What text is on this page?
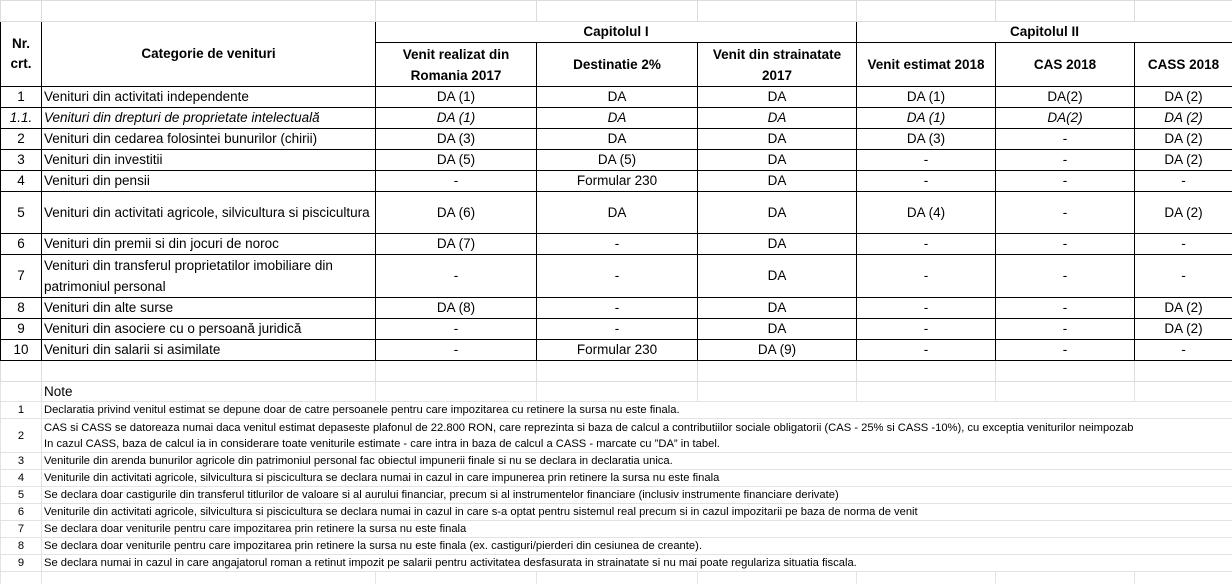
Nr. crt.	Categorie de venituri	Capitolul I			Capitolul II		
		Venit realizat din Romania 2017	Destinatie 2%	Venit din strainatate 2017	Venit estimat 2018	CAS 2018	CASS 2018
1	Venituri din activitati independente	DA (1)	DA	DA	DA (1)	DA(2)	DA (2)
1.1.	Venituri din drepturi de proprietate intelectuală	DA (1)	DA	DA	DA (1)	DA(2)	DA (2)
2	Venituri din cedarea folosintei bunurilor (chirii)	DA (3)	DA	DA	DA (3)	-	DA (2)
3	Venituri din investitii	DA (5)	DA (5)	DA	-	-	DA (2)
4	Venituri din pensii	-	Formular 230	DA	-	-	-
5	Venituri din activitati agricole, silvicultura si piscicultura	DA (6)	DA	DA	DA (4)	-	DA (2)
6	Venituri din premii si din jocuri de noroc	DA (7)	-	DA	-	-	-
7	Venituri din transferul proprietatilor imobiliare din patrimoniul personal	-	-	DA	-	-	-
8	Venituri din alte surse	DA (8)	-	DA	-	-	DA (2)
9	Venituri din asociere cu o persoană juridică	-	-	DA	-	-	DA (2)
10	Venituri din salarii si asimilate	-	Formular 230	DA (9)	-	-	-

	Note						
1	Declaratia privind venitul estimat se depune doar de catre persoanele pentru care impozitarea cu retinere la sursa nu este finala.						

2	CAS si CASS se datoreaza numai daca venitul estimat depaseste plafonul de 22.800 RON, care reprezinta si baza de calcul a contributiilor sociale obligatorii (CAS - 25% si CASS -10%), cu exceptia veniturilor neimpozab
In cazul CASS, baza de calcul ia in considerare toate veniturile estimate - care intra in baza de calcul a CASS - marcate cu ”DA” in tabel.						

3	Veniturile din arenda bunurilor agricole din patrimoniul personal fac obiectul impunerii finale si nu se declara in declaratia unica.						

4	Veniturile din activitati agricole, silvicultura si piscicultura se declara numai in cazul in care impunerea prin retinere la sursa nu este finala						

5	Se declara doar castigurile din transferul titlurilor de valoare si al aurului financiar, precum si al instrumentelor financiare (inclusiv instrumente financiare derivate)						

6	Veniturile din activitati agricole, silvicultura si piscicultura se declara numai in cazul in care s-a optat pentru sistemul real precum si in cazul impozitarii pe baza de norma de venit						

7	Se declara doar veniturile pentru care impozitarea prin retinere la sursa nu este finala						

8	Se declara doar veniturile pentru care impozitarea prin retinere la sursa nu este finala (ex. castiguri/pierderi din cesiunea de creante).						

9	Se declara numai in cazul in care angajatorul roman a retinut impozit pe salarii pentru activitatea desfasurata in strainatate si nu mai poate regulariza situatia fiscala.						
